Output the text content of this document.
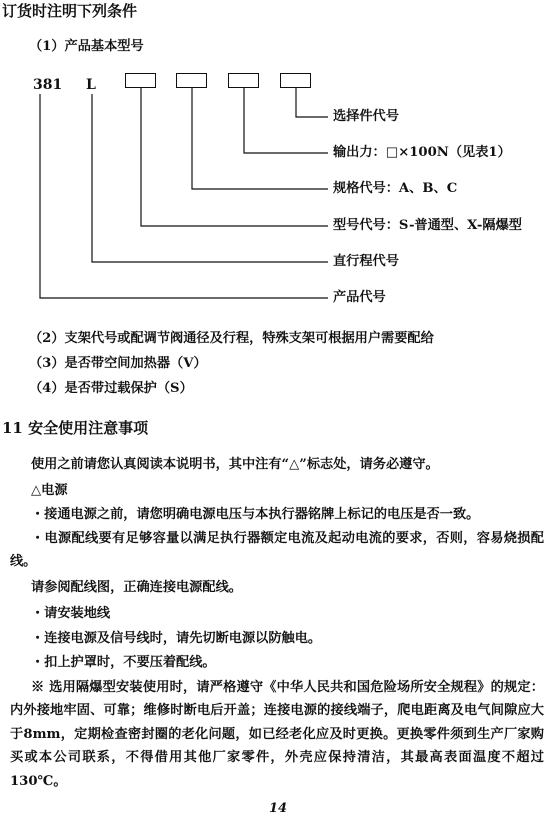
订货时注明下列条件
（1）产品基本型号
381 L
选择件代号
输出力：□×100N（见表1）
规格代号：A、B、C
型号代号：S-普通型、X-隔爆型
直行程代号
产品代号
（2）支架代号或配调节阀通径及行程，特殊支架可根据用户需要配给
（3）是否带空间加热器（V）
（4）是否带过载保护（S）
11 安全使用注意事项
使用之前请您认真阅读本说明书，其中注有“△”标志处，请务必遵守。
△电源
・接通电源之前，请您明确电源电压与本执行器铭牌上标记的电压是否一致。
・电源配线要有足够容量以满足执行器额定电流及起动电流的要求，否则，容易烧损配线。
请参阅配线图，正确连接电源配线。
・请安装地线
・连接电源及信号线时，请先切断电源以防触电。
・扣上护罩时，不要压着配线。
※ 选用隔爆型安装使用时，请严格遵守《中华人民共和国危险场所安全规程》的规定：内外接地牢固、可靠；维修时断电后开盖；连接电源的接线端子，爬电距离及电气间隙应大于8mm，定期检查密封圈的老化问题，如已经老化应及时更换。更换零件须到生产厂家购买或本公司联系，不得借用其他厂家零件，外壳应保持清洁，其最高表面温度不超过130℃。
14
